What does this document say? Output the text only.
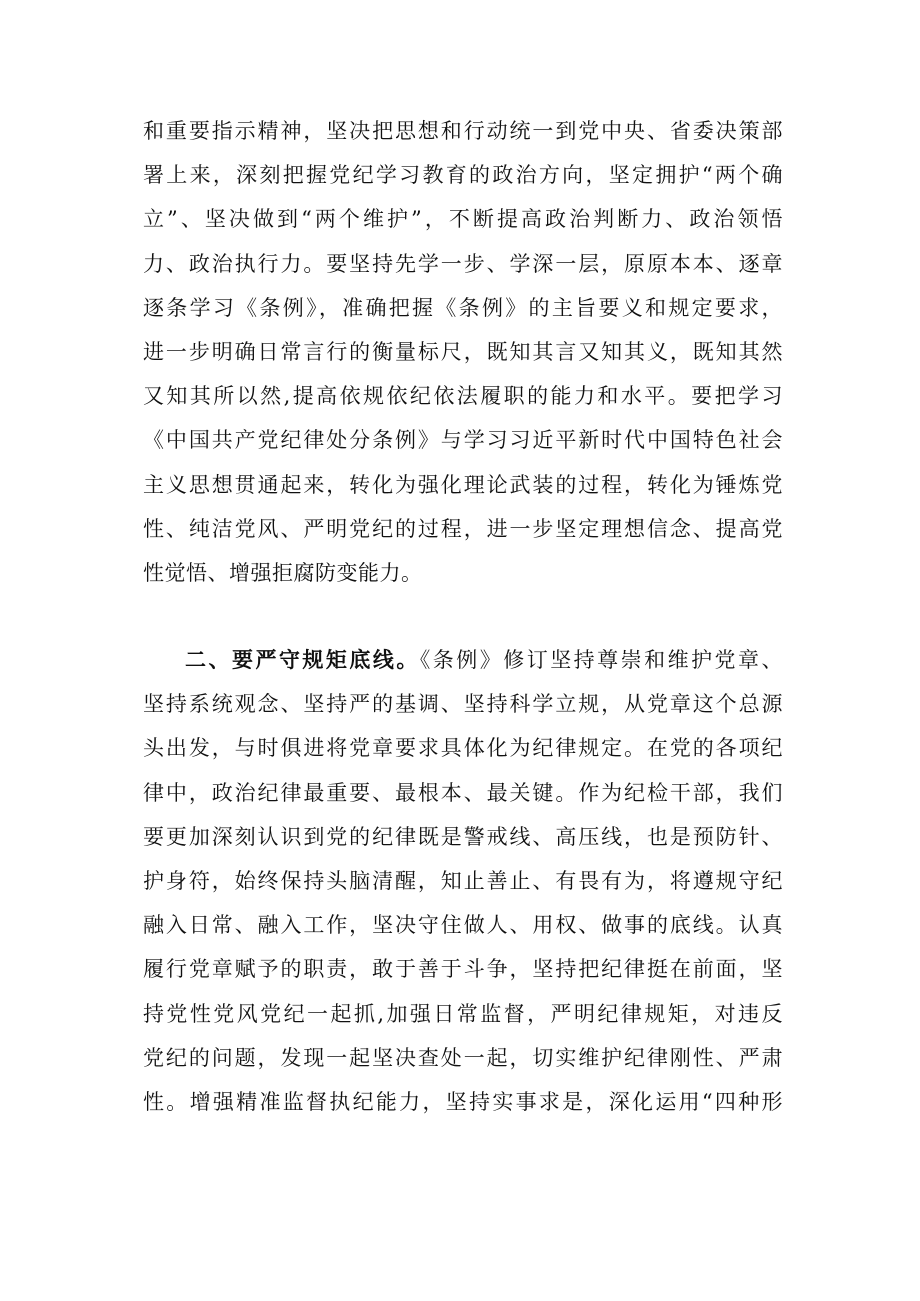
和重要指示精神，坚决把思想和行动统一到党中央、省委决策部
署上来，深刻把握党纪学习教育的政治方向，坚定拥护“两个确
立”、坚决做到“两个维护”，不断提高政治判断力、政治领悟
力、政治执行力。要坚持先学一步、学深一层，原原本本、逐章
逐条学习《条例》，准确把握《条例》的主旨要义和规定要求，
进一步明确日常言行的衡量标尺，既知其言又知其义，既知其然
又知其所以然,提高依规依纪依法履职的能力和水平。要把学习
《中国共产党纪律处分条例》与学习习近平新时代中国特色社会
主义思想贯通起来，转化为强化理论武装的过程，转化为锤炼党
性、纯洁党风、严明党纪的过程，进一步坚定理想信念、提高党
性觉悟、增强拒腐防变能力。
二、要严守规矩底线。《条例》修订坚持尊崇和维护党章、
坚持系统观念、坚持严的基调、坚持科学立规，从党章这个总源
头出发，与时俱进将党章要求具体化为纪律规定。在党的各项纪
律中，政治纪律最重要、最根本、最关键。作为纪检干部，我们
要更加深刻认识到党的纪律既是警戒线、高压线，也是预防针、
护身符，始终保持头脑清醒，知止善止、有畏有为，将遵规守纪
融入日常、融入工作，坚决守住做人、用权、做事的底线。认真
履行党章赋予的职责，敢于善于斗争，坚持把纪律挺在前面，坚
持党性党风党纪一起抓,加强日常监督，严明纪律规矩，对违反
党纪的问题，发现一起坚决查处一起，切实维护纪律刚性、严肃
性。增强精准监督执纪能力，坚持实事求是，深化运用“四种形
